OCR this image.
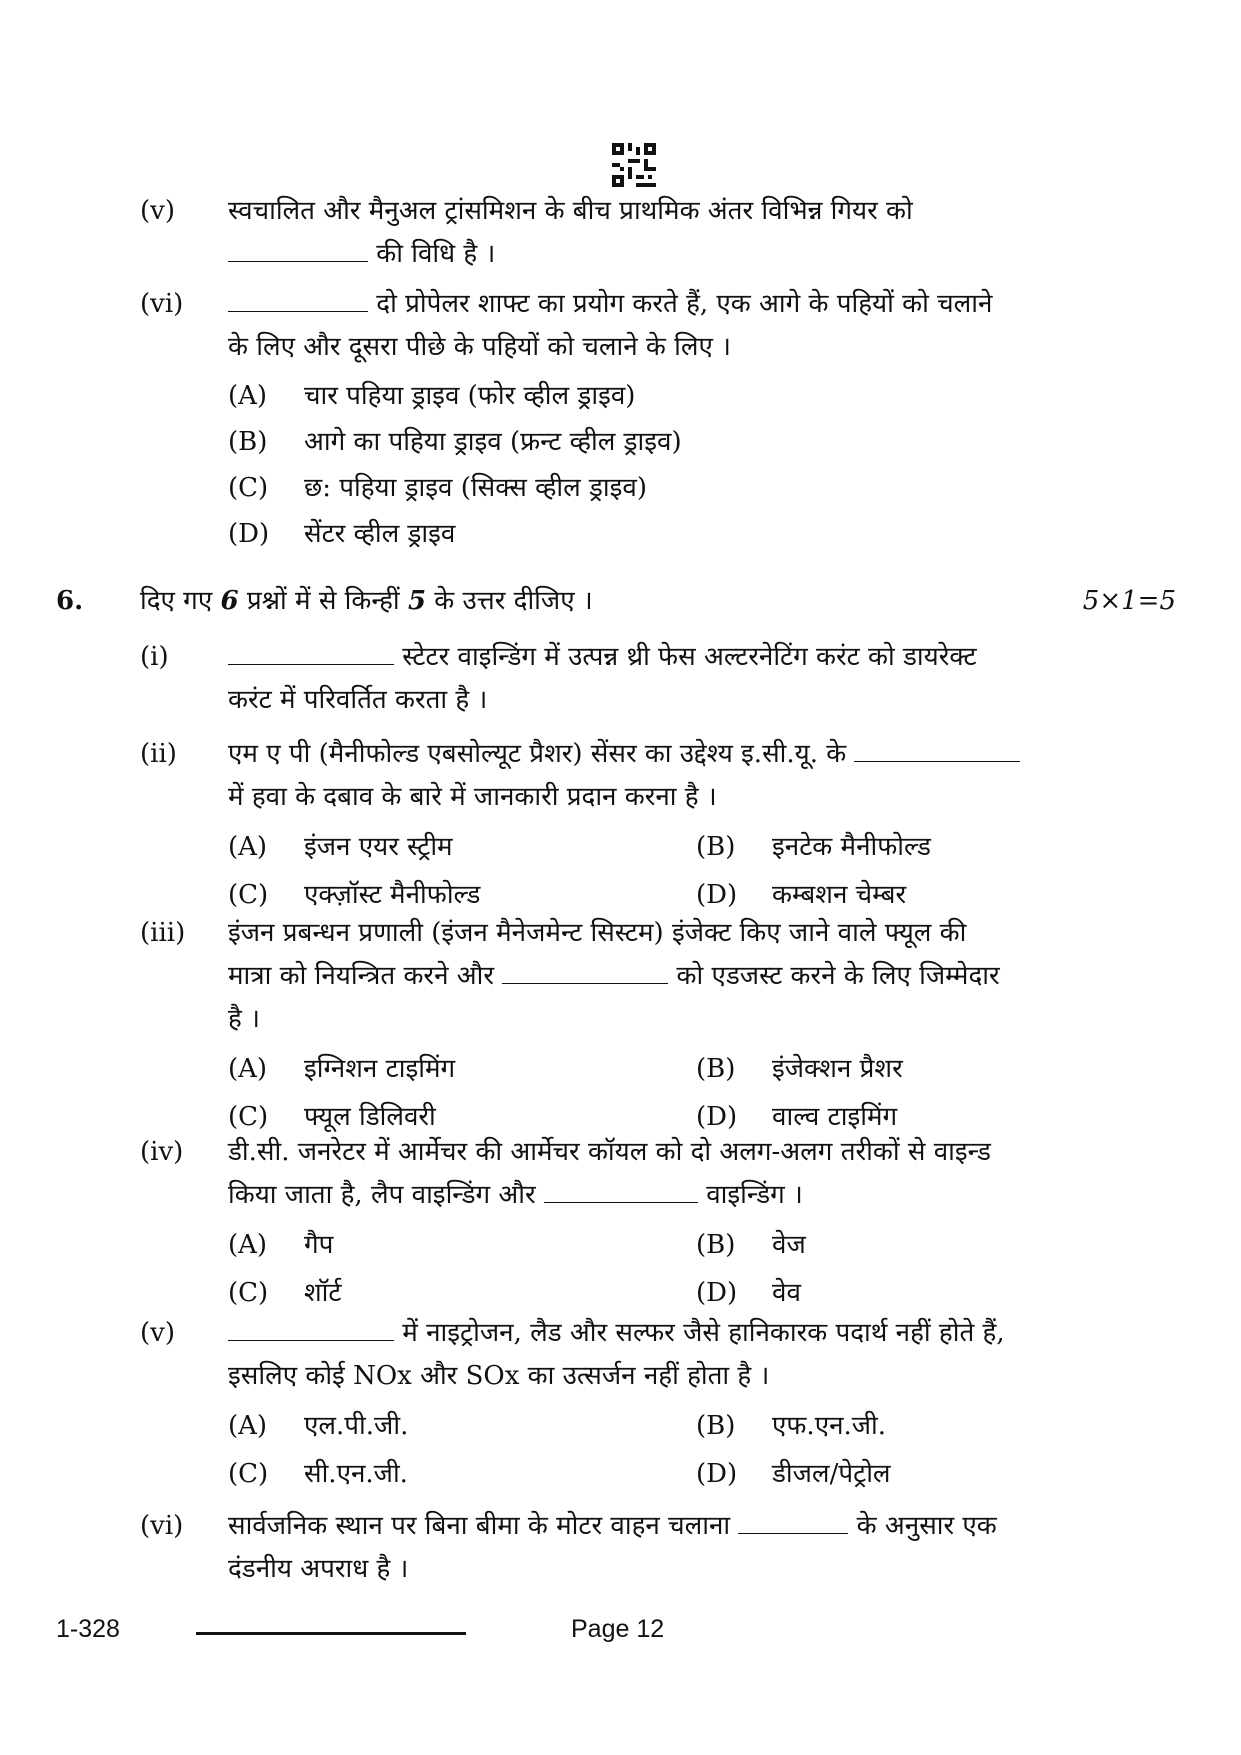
(v)	स्वचालित और मैनुअल ट्रांसमिशन के बीच प्राथमिक अंतर विभिन्न गियर को
की विधि है ।
(vi)	दो प्रोपेलर शाफ्ट का प्रयोग करते हैं, एक आगे के पहियों को चलाने
के लिए और दूसरा पीछे के पहियों को चलाने के लिए ।
(A) चार पहिया ड्राइव (फोर व्हील ड्राइव)
(B) आगे का पहिया ड्राइव (फ्रन्ट व्हील ड्राइव)
(C) छ: पहिया ड्राइव (सिक्स व्हील ड्राइव)
(D) सेंटर व्हील ड्राइव
6. दिए गए 6 प्रश्नों में से किन्हीं 5 के उत्तर दीजिए ।	5×1=5
(i)	स्टेटर वाइन्डिंग में उत्पन्न थ्री फेस अल्टरनेटिंग करंट को डायरेक्ट
करंट में परिवर्तित करता है ।
(ii)	एम ए पी (मैनीफोल्ड एबसोल्यूट प्रैशर) सेंसर का उद्देश्य इ.सी.यू. के
में हवा के दबाव के बारे में जानकारी प्रदान करना है ।
(A) इंजन एयर स्ट्रीम	(B) इनटेक मैनीफोल्ड
(C) एक्ज़ॉस्ट मैनीफोल्ड	(D) कम्बशन चेम्बर
(iii)	इंजन प्रबन्धन प्रणाली (इंजन मैनेजमेन्ट सिस्टम) इंजेक्ट किए जाने वाले फ्यूल की
मात्रा को नियन्त्रित करने और	को एडजस्ट करने के लिए जिम्मेदार
है ।
(A) इग्निशन टाइमिंग	(B) इंजेक्शन प्रैशर
(C) फ्यूल डिलिवरी	(D) वाल्व टाइमिंग
(iv)	डी.सी. जनरेटर में आर्मेचर की आर्मेचर कॉयल को दो अलग-अलग तरीकों से वाइन्ड
किया जाता है, लैप वाइन्डिंग और	वाइन्डिंग ।
(A) गैप	(B) वेज
(C) शॉर्ट	(D) वेव
(v)	में नाइट्रोजन, लैड और सल्फर जैसे हानिकारक पदार्थ नहीं होते हैं,
इसलिए कोई NOx और SOx का उत्सर्जन नहीं होता है ।
(A) एल.पी.जी.	(B) एफ.एन.जी.
(C) सी.एन.जी.	(D) डीजल/पेट्रोल
(vi)	सार्वजनिक स्थान पर बिना बीमा के मोटर वाहन चलाना	के अनुसार एक
दंडनीय अपराध है ।
1-328	Page 12
